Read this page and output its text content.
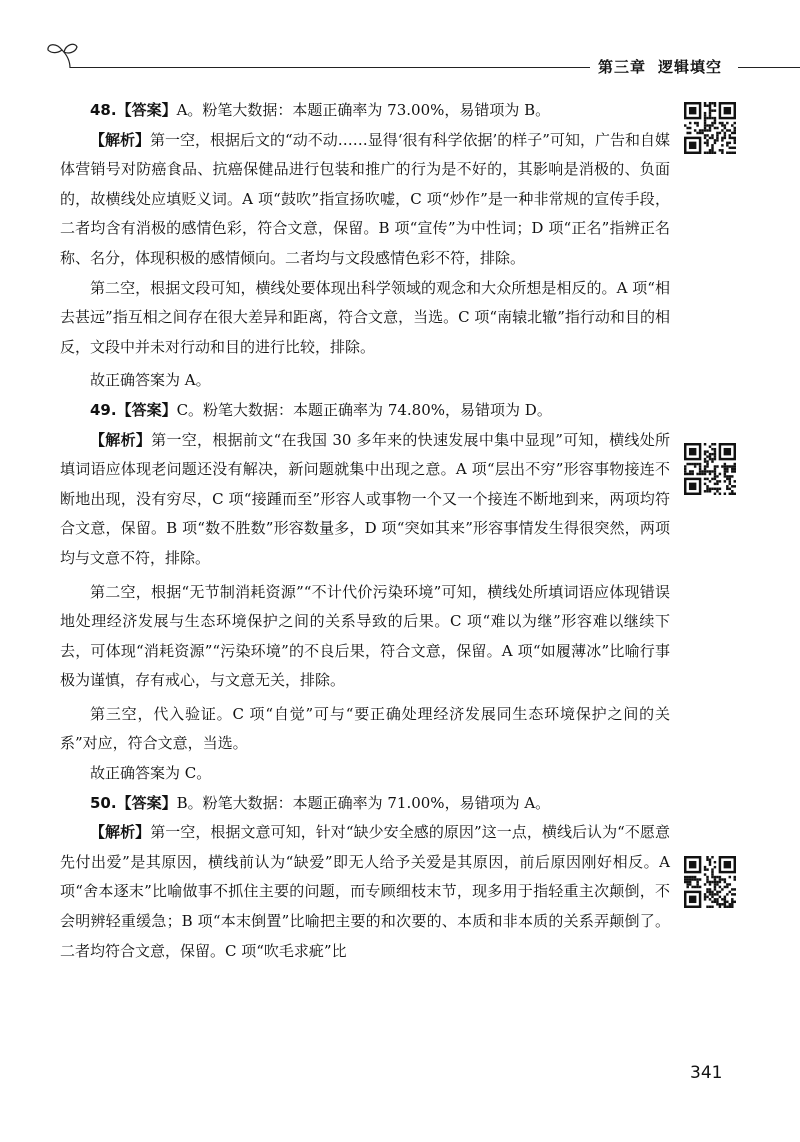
第三章 逻辑填空

48.【答案】A。粉笔大数据：本题正确率为 73.00%，易错项为 B。

【解析】第一空，根据后文的“动不动……显得‘很有科学依据’的样子”可知，广告和自媒体营销号对防癌食品、抗癌保健品进行包装和推广的行为是不好的，其影响是消极的、负面的，故横线处应填贬义词。A 项“鼓吹”指宣扬吹嘘，C 项“炒作”是一种非常规的宣传手段，二者均含有消极的感情色彩，符合文意，保留。B 项“宣传”为中性词；D 项“正名”指辨正名称、名分，体现积极的感情倾向。二者均与文段感情色彩不符，排除。

第二空，根据文段可知，横线处要体现出科学领域的观念和大众所想是相反的。A 项“相去甚远”指互相之间存在很大差异和距离，符合文意，当选。C 项“南辕北辙”指行动和目的相反，文段中并未对行动和目的进行比较，排除。

故正确答案为 A。

49.【答案】C。粉笔大数据：本题正确率为 74.80%，易错项为 D。

【解析】第一空，根据前文“在我国 30 多年来的快速发展中集中显现”可知，横线处所填词语应体现老问题还没有解决，新问题就集中出现之意。A 项“层出不穷”形容事物接连不断地出现，没有穷尽，C 项“接踵而至”形容人或事物一个又一个接连不断地到来，两项均符合文意，保留。B 项“数不胜数”形容数量多，D 项“突如其来”形容事情发生得很突然，两项均与文意不符，排除。

第二空，根据“无节制消耗资源”“不计代价污染环境”可知，横线处所填词语应体现错误地处理经济发展与生态环境保护之间的关系导致的后果。C 项“难以为继”形容难以继续下去，可体现“消耗资源”“污染环境”的不良后果，符合文意，保留。A 项“如履薄冰”比喻行事极为谨慎，存有戒心，与文意无关，排除。

第三空，代入验证。C 项“自觉”可与“要正确处理经济发展同生态环境保护之间的关系”对应，符合文意，当选。

故正确答案为 C。

50.【答案】B。粉笔大数据：本题正确率为 71.00%，易错项为 A。

【解析】第一空，根据文意可知，针对“缺少安全感的原因”这一点，横线后认为“不愿意先付出爱”是其原因，横线前认为“缺爱”即无人给予关爱是其原因，前后原因刚好相反。A 项“舍本逐末”比喻做事不抓住主要的问题，而专顾细枝末节，现多用于指轻重主次颠倒，不会明辨轻重缓急；B 项“本末倒置”比喻把主要的和次要的、本质和非本质的关系弄颠倒了。二者均符合文意，保留。C 项“吹毛求疵”比

341
